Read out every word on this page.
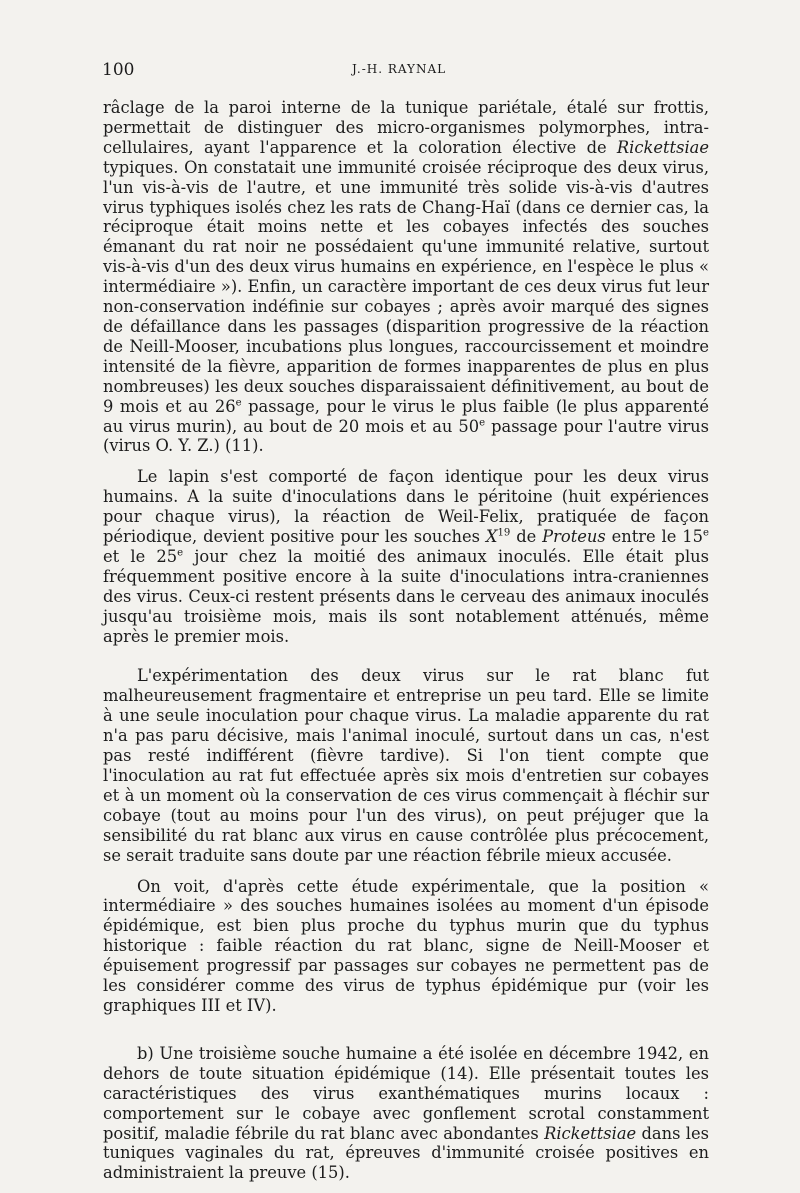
100	J.-H. RAYNAL

râclage de la paroi interne de la tunique pariétale, étalé sur frottis, permettait de distinguer des micro-organismes polymorphes, intra-cellulaires, ayant l'apparence et la coloration élective de Rickettsiae typiques. On constatait une immunité croisée réciproque des deux virus, l'un vis-à-vis de l'autre, et une immunité très solide vis-à-vis d'autres virus typhiques isolés chez les rats de Chang-Haï (dans ce dernier cas, la réciproque était moins nette et les cobayes infectés des souches émanant du rat noir ne possédaient qu'une immunité relative, surtout vis-à-vis d'un des deux virus humains en expérience, en l'espèce le plus « intermédiaire »). Enfin, un caractère important de ces deux virus fut leur non-conservation indéfinie sur cobayes ; après avoir marqué des signes de défaillance dans les passages (disparition progressive de la réaction de Neill-Mooser, incubations plus longues, raccourcissement et moindre intensité de la fièvre, apparition de formes inapparentes de plus en plus nombreuses) les deux souches disparaissaient définitivement, au bout de 9 mois et au 26e passage, pour le virus le plus faible (le plus apparenté au virus murin), au bout de 20 mois et au 50e passage pour l'autre virus (virus O. Y. Z.) (11).

Le lapin s'est comporté de façon identique pour les deux virus humains. A la suite d'inoculations dans le péritoine (huit expériences pour chaque virus), la réaction de Weil-Felix, pratiquée de façon périodique, devient positive pour les souches $X^{19}$ de Proteus entre le 15e et le 25e jour chez la moitié des animaux inoculés. Elle était plus fréquemment positive encore à la suite d'inoculations intra-craniennes des virus. Ceux-ci restent présents dans le cerveau des animaux inoculés jusqu'au troisième mois, mais ils sont notablement atténués, même après le premier mois.

L'expérimentation des deux virus sur le rat blanc fut malheureusement fragmentaire et entreprise un peu tard. Elle se limite à une seule inoculation pour chaque virus. La maladie apparente du rat n'a pas paru décisive, mais l'animal inoculé, surtout dans un cas, n'est pas resté indifférent (fièvre tardive). Si l'on tient compte que l'inoculation au rat fut effectuée après six mois d'entretien sur cobayes et à un moment où la conservation de ces virus commençait à fléchir sur cobaye (tout au moins pour l'un des virus), on peut préjuger que la sensibilité du rat blanc aux virus en cause contrôlée plus précocement, se serait traduite sans doute par une réaction fébrile mieux accusée.

On voit, d'après cette étude expérimentale, que la position « intermédiaire » des souches humaines isolées au moment d'un épisode épidémique, est bien plus proche du typhus murin que du typhus historique : faible réaction du rat blanc, signe de Neill-Mooser et épuisement progressif par passages sur cobayes ne permettent pas de les considérer comme des virus de typhus épidémique pur (voir les graphiques III et IV).

b) Une troisième souche humaine a été isolée en décembre 1942, en dehors de toute situation épidémique (14). Elle présentait toutes les caractéristiques des virus exanthématiques murins locaux : comportement sur le cobaye avec gonflement scrotal constamment positif, maladie fébrile du rat blanc avec abondantes Rickettsiae dans les tuniques vaginales du rat, épreuves d'immunité croisée positives en administraient la preuve (15).
